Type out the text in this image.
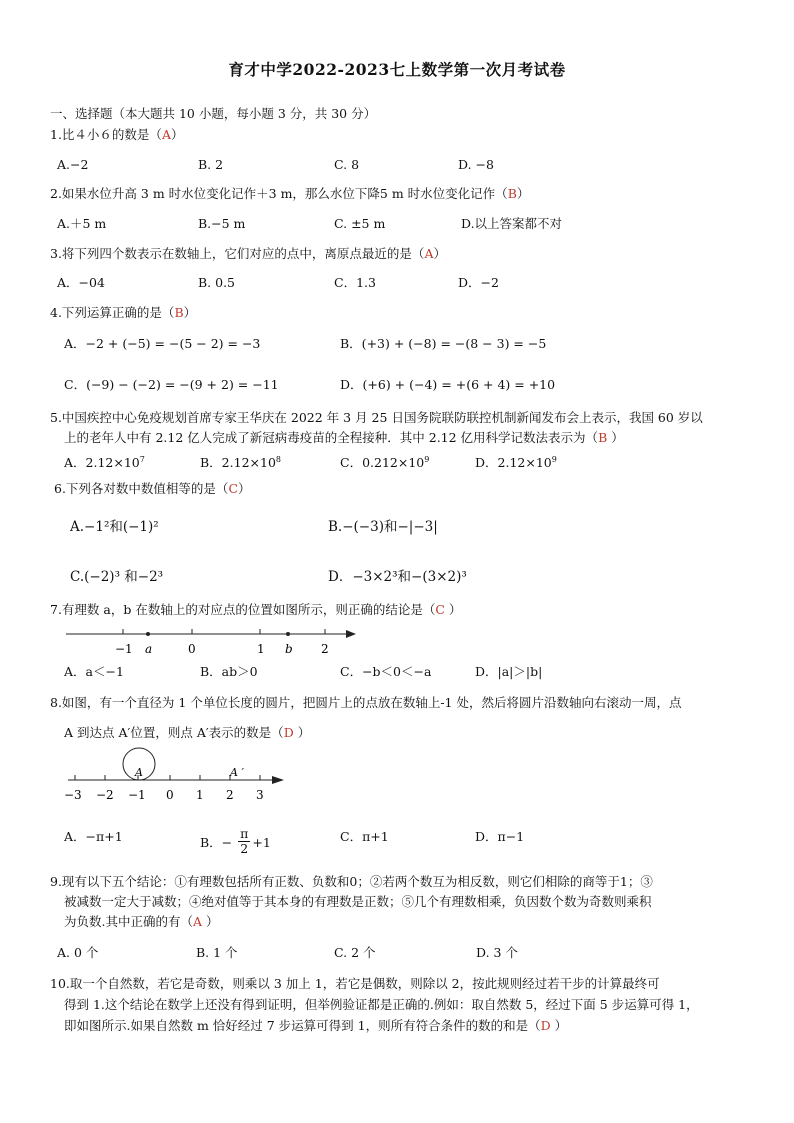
育才中学2022-2023七上数学第一次月考试卷
一、选择题（本大题共 10 小题，每小题 3 分，共 30 分）
1.比４小６的数是（A）
A.−2	B. 2	C. 8	D. −8
2.如果水位升高 3 m 时水位变化记作＋3 m，那么水位下降5 m 时水位变化记作（B）
A.＋5 m	B.−5 m	C. ±5 m	D.以上答案都不对
3.将下列四个数表示在数轴上，它们对应的点中，离原点最近的是（A）
A．−04	B. 0.5	C．1.3	D．−2
4.下列运算正确的是（B）
A．−2 + (−5) = −(5 − 2) = −3	B．(+3) + (−8) = −(8 − 3) = −5
C．(−9) − (−2) = −(9 + 2) = −11	D．(+6) + (−4) = +(6 + 4) = +10
5.中国疾控中心免疫规划首席专家王华庆在 2022 年 3 月 25 日国务院联防联控机制新闻发布会上表示，我国 60 岁以
上的老年人中有 2.12 亿人完成了新冠病毒疫苗的全程接种．其中 2.12 亿用科学记数法表示为（B ）
A．$2.12\times 10^7$	B．$2.12\times 10^8$	C．$0.212\times 10^9$	D．$2.12\times 10^9$
6.下列各对数中数值相等的是（C）
A.−1²和(−1)²	B.−(−3)和−|−3|
C.(−2)³ 和−2³	D．−3×2³和−(3×2)³
7.有理数 a，b 在数轴上的对应点的位置如图所示，则正确的结论是（C ）
−1 a	0	1 b 2
A．a＜−1	B．ab＞0	C．−b＜0＜−a	D．|a|＞|b|
8.如图，有一个直径为 1 个单位长度的圆片，把圆片上的点放在数轴上-1 处，然后将圆片沿数轴向右滚动一周，点
A 到达点 A′位置，则点 A′表示的数是（D ）
A	A ′
−3 −2 −1 0 1 2 3
A．−π+1	B．− $\frac{\pi}{2} +1$	C．π+1	D．π−1
9.现有以下五个结论：①有理数包括所有正数、负数和0；②若两个数互为相反数，则它们相除的商等于1；③
被减数一定大于减数；④绝对值等于其本身的有理数是正数；⑤几个有理数相乘，负因数个数为奇数则乘积
为负数.其中正确的有（A ）
A. 0 个	B. 1 个	C. 2 个	D. 3 个
10.取一个自然数，若它是奇数，则乘以 3 加上 1，若它是偶数，则除以 2，按此规则经过若干步的计算最终可
得到 1.这个结论在数学上还没有得到证明，但举例验证都是正确的.例如：取自然数 5，经过下面 5 步运算可得 1，
即如图所示.如果自然数 m 恰好经过 7 步运算可得到 1，则所有符合条件的数的和是（D ）
